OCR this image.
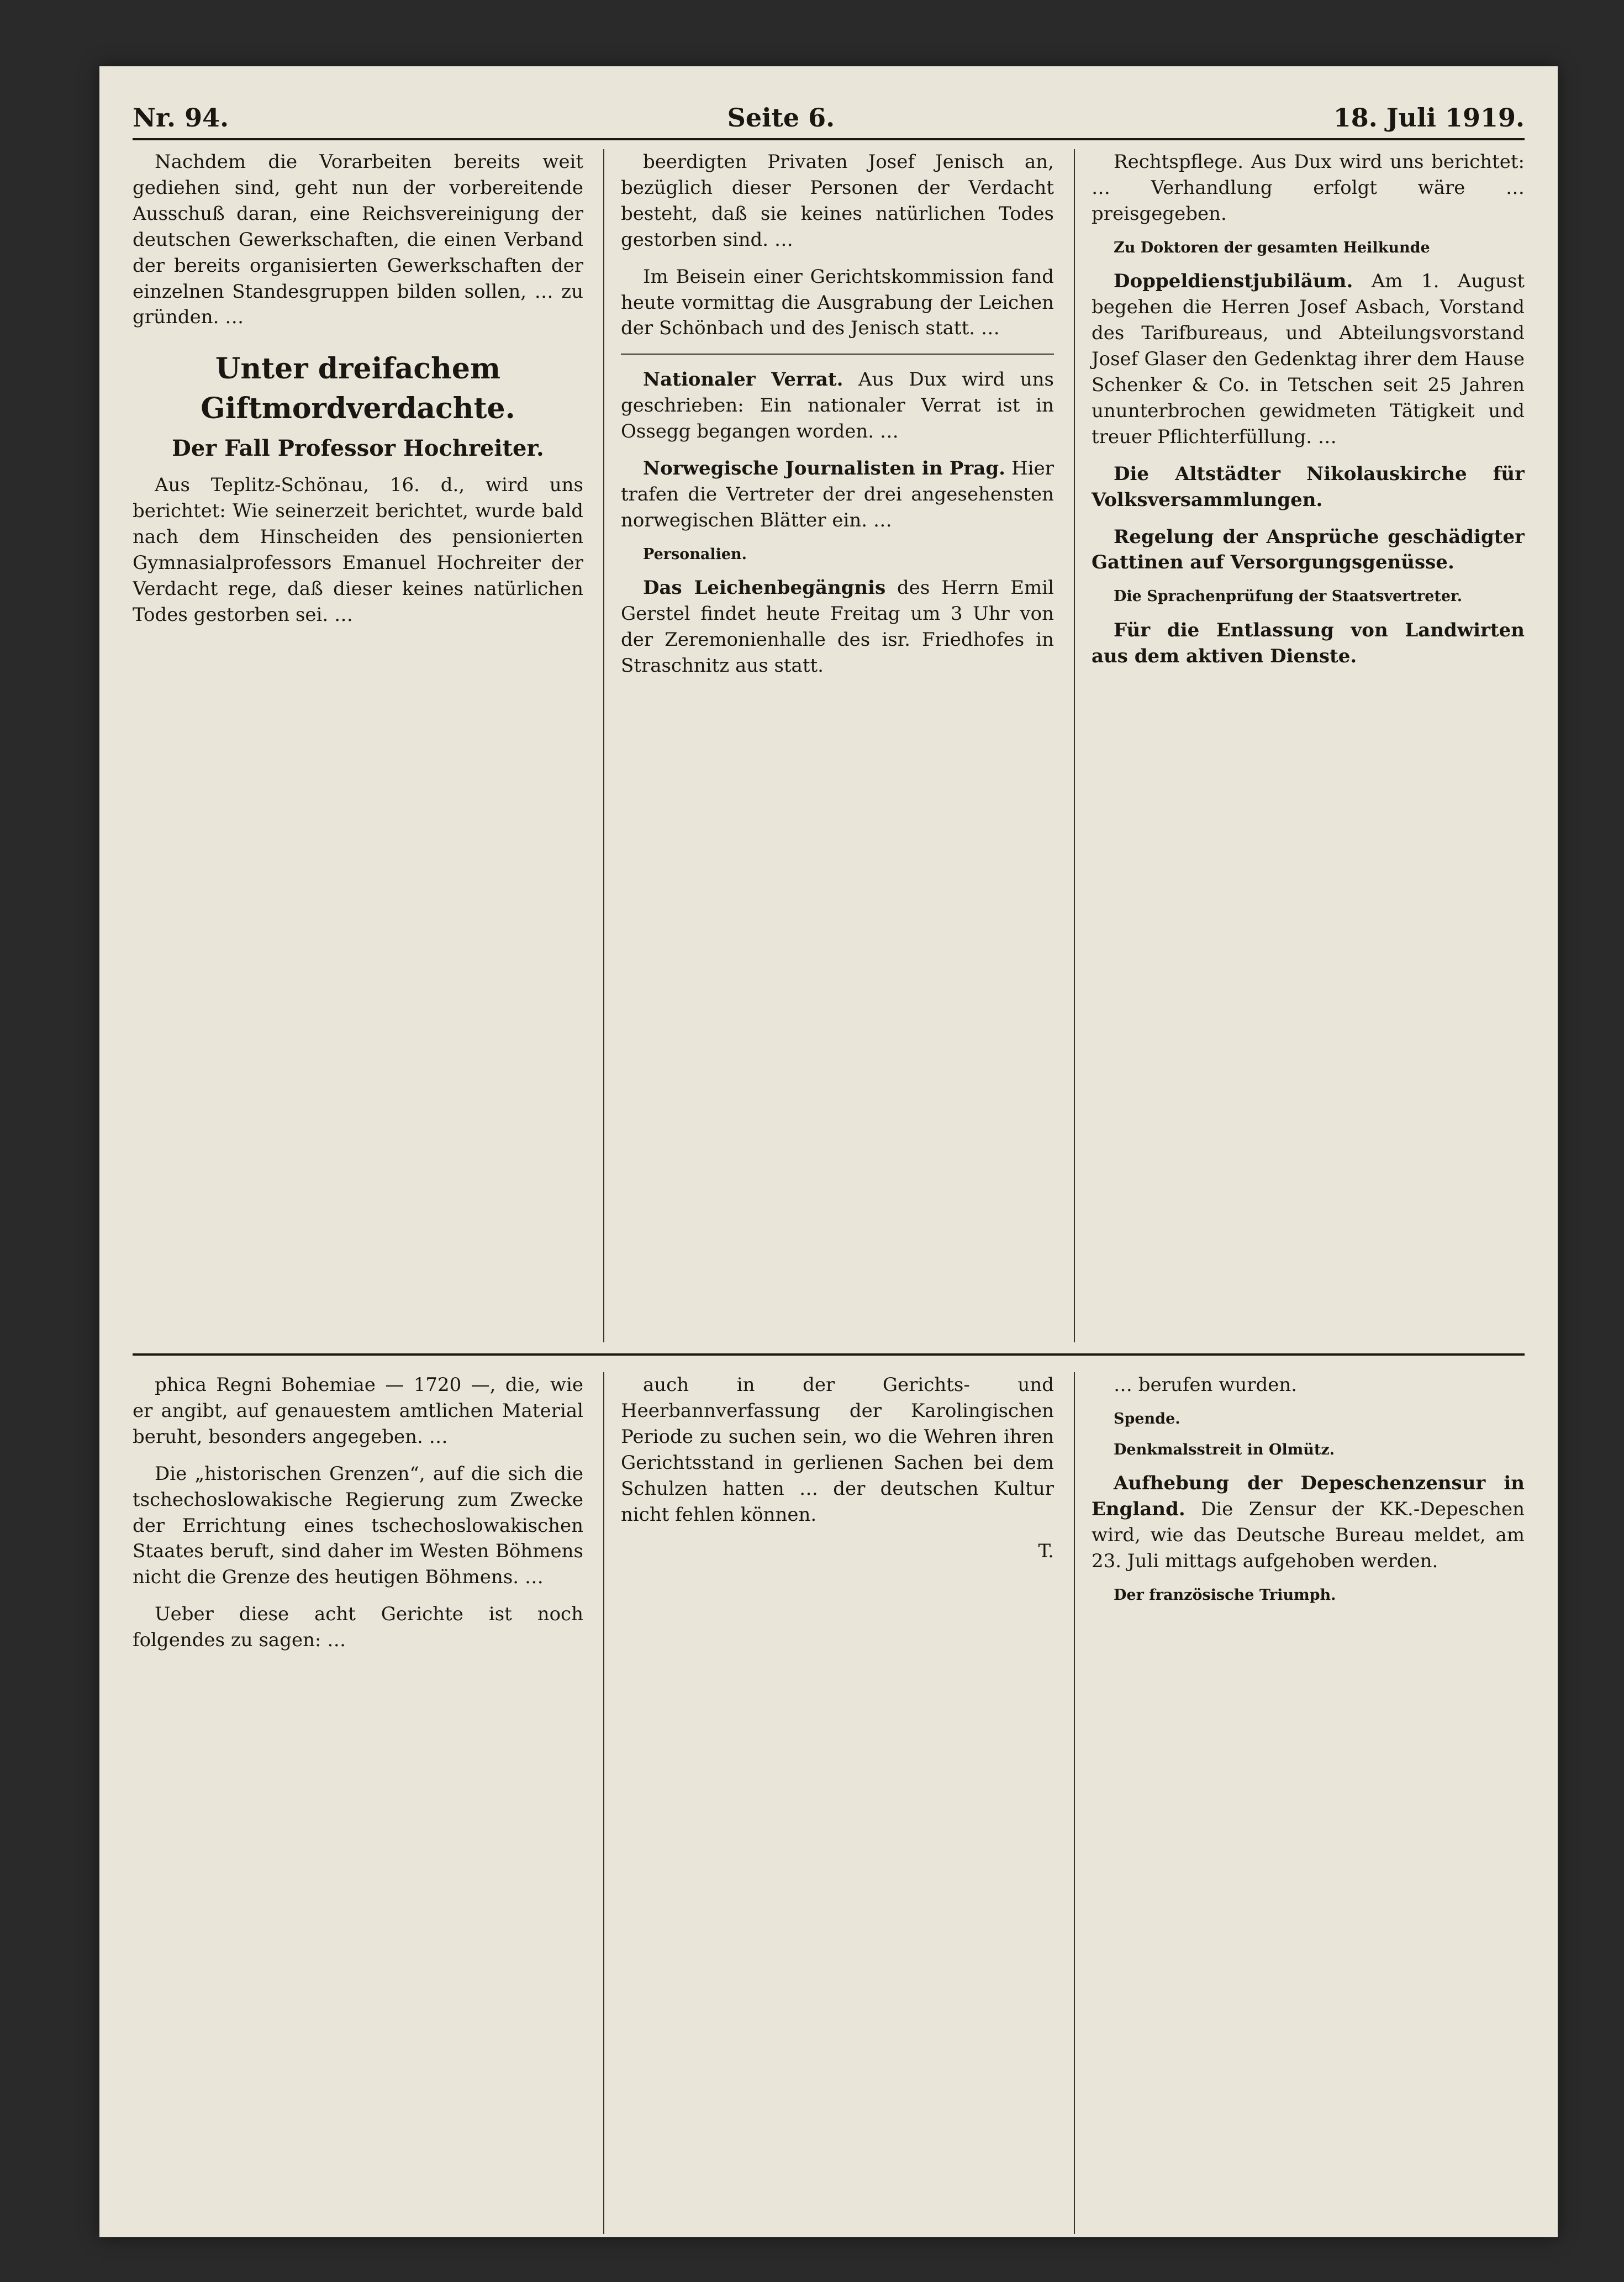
Nr. 94.	Seite 6.	18. Juli 1919.

Nachdem die Vorarbeiten bereits weit gediehen sind, geht nun der vorbereitende Ausschuß daran, eine Reichsvereinigung der deutschen Gewerkschaften, die einen Verband der bereits organisierten Gewerkschaften der einzelnen Standesgruppen bilden sollen, … zu gründen. …

Unter dreifachem Giftmordverdachte.
Der Fall Professor Hochreiter.

Aus Teplitz-Schönau, 16. d., wird uns berichtet: Wie seinerzeit berichtet, wurde bald nach dem Hinscheiden des pensionierten Gymnasialprofessors Emanuel Hochreiter der Verdacht rege, daß dieser keines natürlichen Todes gestorben sei. …

beerdigten Privaten Josef Jenisch an, bezüglich dieser Personen der Verdacht besteht, daß sie keines natürlichen Todes gestorben sind. …

Im Beisein einer Gerichtskommission fand heute vormittag die Ausgrabung der Leichen der Schönbach und des Jenisch statt. …

Nationaler Verrat. Aus Dux wird uns geschrieben: Ein nationaler Verrat ist in Ossegg begangen worden. …

Norwegische Journalisten in Prag. Hier trafen die Vertreter der drei angesehensten norwegischen Blätter ein. …

Personalien.

Das Leichenbegängnis des Herrn Emil Gerstel findet heute Freitag um 3 Uhr von der Zeremonienhalle des isr. Friedhofes in Straschnitz aus statt.

Rechtspflege. Aus Dux wird uns berichtet: … Verhandlung erfolgt wäre … preisgegeben.

Zu Doktoren der gesamten Heilkunde

Doppeldienstjubiläum. Am 1. August begehen die Herren Josef Asbach, Vorstand des Tarifbureaus, und Abteilungsvorstand Josef Glaser den Gedenktag ihrer dem Hause Schenker & Co. in Tetschen seit 25 Jahren ununterbrochen gewidmeten Tätigkeit und treuer Pflichterfüllung. …

Die Altstädter Nikolauskirche für Volksversammlungen.

Regelung der Ansprüche geschädigter Gattinen auf Versorgungsgenüsse.

Die Sprachenprüfung der Staatsvertreter.

Für die Entlassung von Landwirten aus dem aktiven Dienste.

phica Regni Bohemiae — 1720 —, die, wie er angibt, auf genauestem amtlichen Material beruht, besonders angegeben. …

Die „historischen Grenzen“, auf die sich die tschechoslowakische Regierung zum Zwecke der Errichtung eines tschechoslowakischen Staates beruft, sind daher im Westen Böhmens nicht die Grenze des heutigen Böhmens. …

Ueber diese acht Gerichte ist noch folgendes zu sagen: …

auch in der Gerichts- und Heerbannverfassung der Karolingischen Periode zu suchen sein, wo die Wehren ihren Gerichtsstand in gerlienen Sachen bei dem Schulzen hatten … der deutschen Kultur nicht fehlen können.

T.

… berufen wurden.

Spende.

Denkmalsstreit in Olmütz.

Aufhebung der Depeschenzensur in England. Die Zensur der KK.-Depeschen wird, wie das Deutsche Bureau meldet, am 23. Juli mittags aufgehoben werden.

Der französische Triumph.
